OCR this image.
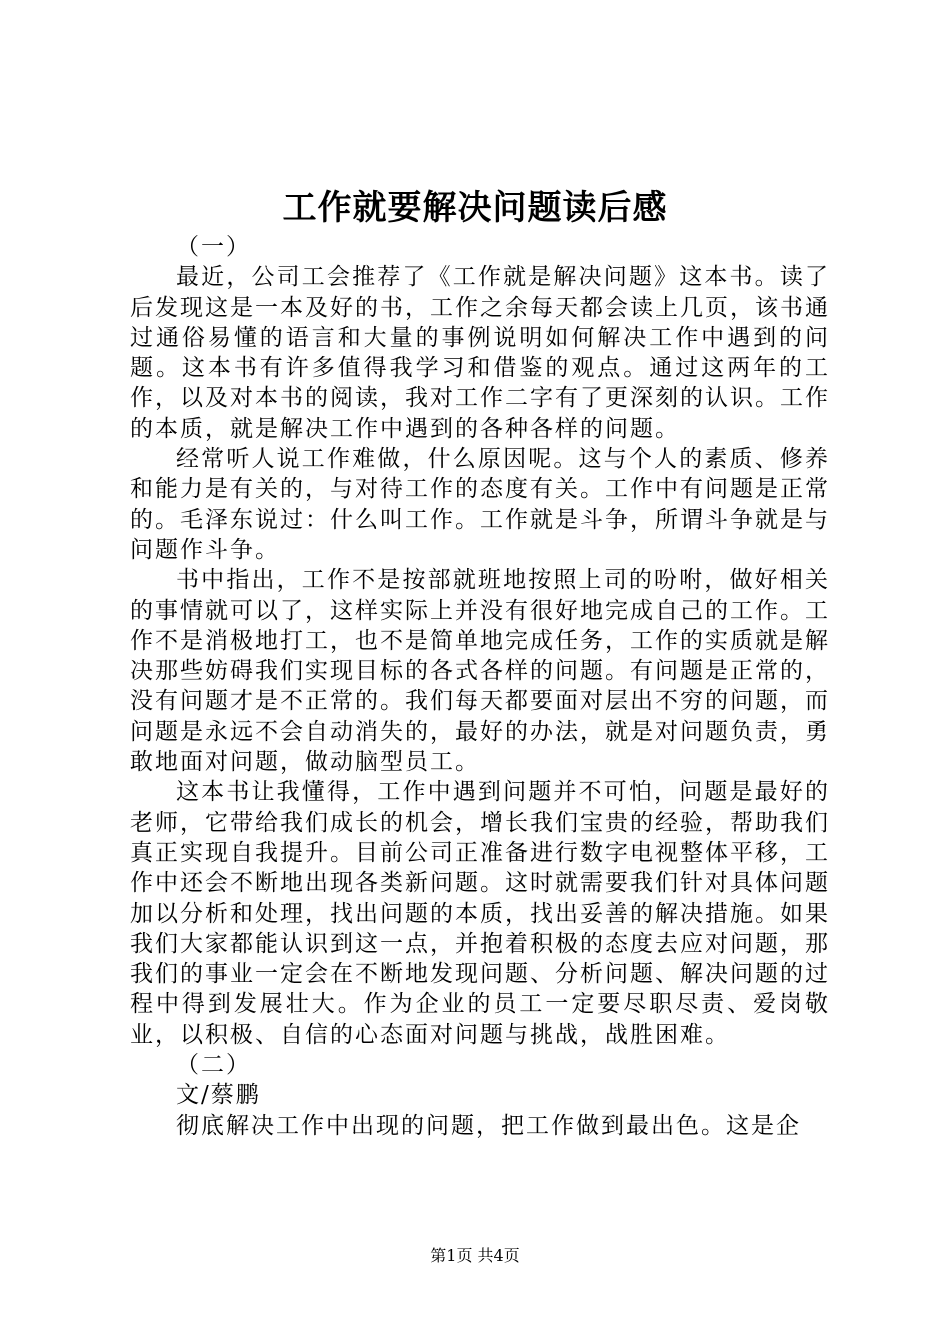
工作就要解决问题读后感

（一）

最近，公司工会推荐了《工作就是解决问题》这本书。读了后发现这是一本及好的书，工作之余每天都会读上几页，该书通过通俗易懂的语言和大量的事例说明如何解决工作中遇到的问题。这本书有许多值得我学习和借鉴的观点。通过这两年的工作，以及对本书的阅读，我对工作二字有了更深刻的认识。工作的本质，就是解决工作中遇到的各种各样的问题。

经常听人说工作难做，什么原因呢。这与个人的素质、修养和能力是有关的，与对待工作的态度有关。工作中有问题是正常的。毛泽东说过：什么叫工作。工作就是斗争，所谓斗争就是与问题作斗争。

书中指出，工作不是按部就班地按照上司的吩咐，做好相关的事情就可以了，这样实际上并没有很好地完成自己的工作。工作不是消极地打工，也不是简单地完成任务，工作的实质就是解决那些妨碍我们实现目标的各式各样的问题。有问题是正常的，没有问题才是不正常的。我们每天都要面对层出不穷的问题，而问题是永远不会自动消失的，最好的办法，就是对问题负责，勇敢地面对问题，做动脑型员工。

这本书让我懂得，工作中遇到问题并不可怕，问题是最好的老师，它带给我们成长的机会，增长我们宝贵的经验，帮助我们真正实现自我提升。目前公司正准备进行数字电视整体平移，工作中还会不断地出现各类新问题。这时就需要我们针对具体问题加以分析和处理，找出问题的本质，找出妥善的解决措施。如果我们大家都能认识到这一点，并抱着积极的态度去应对问题，那我们的事业一定会在不断地发现问题、分析问题、解决问题的过程中得到发展壮大。作为企业的员工一定要尽职尽责、爱岗敬业，以积极、自信的心态面对问题与挑战，战胜困难。

（二）

文/蔡鹏

彻底解决工作中出现的问题，把工作做到最出色。这是企

第1页 共4页
